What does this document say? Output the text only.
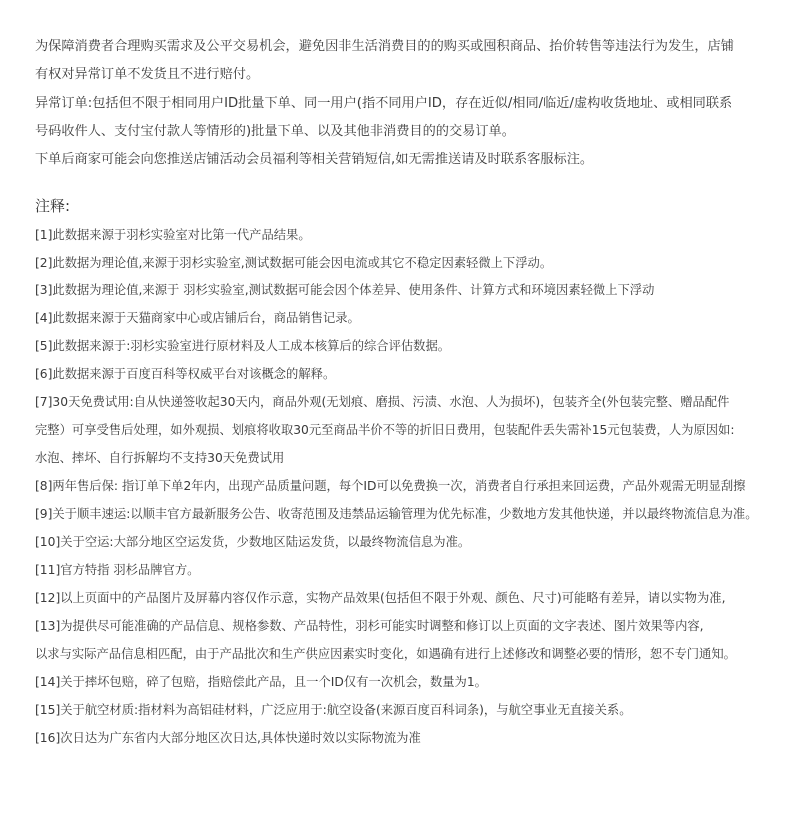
为保障消费者合理购买需求及公平交易机会，避免因非生活消费目的的购买或囤积商品、抬价转售等违法行为发生，店铺
有权对异常订单不发货且不进行赔付。
异常订单:包括但不限于相同用户ID批量下单、同一用户(指不同用户ID，存在近似/相同/临近/虚构收货地址、或相同联系
号码收件人、支付宝付款人等情形的)批量下单、以及其他非消费目的的交易订单。
下单后商家可能会向您推送店铺活动会员福利等相关营销短信,如无需推送请及时联系客服标注。
注释:
[1]此数据来源于羽杉实验室对比第一代产品结果。
[2]此数据为理论值,来源于羽杉实验室,测试数据可能会因电流或其它不稳定因素轻微上下浮动。
[3]此数据为理论值,来源于 羽杉实验室,测试数据可能会因个体差异、使用条件、计算方式和环境因素轻微上下浮动
[4]此数据来源于天猫商家中心或店铺后台，商品销售记录。
[5]此数据来源于:羽杉实验室进行原材料及人工成本核算后的综合评估数据。
[6]此数据来源于百度百科等权威平台对该概念的解释。
[7]30天免费试用:自从快递签收起30天内，商品外观(无划痕、磨损、污渍、水泡、人为损坏)，包装齐全(外包装完整、赠品配件
完整）可享受售后处理，如外观损、划痕将收取30元至商品半价不等的折旧日费用，包装配件丢失需补15元包装费，人为原因如:
水泡、摔坏、自行拆解均不支持30天免费试用
[8]两年售后保: 指订单下单2年内，出现产品质量问题，每个ID可以免费换一次，消费者自行承担来回运费，产品外观需无明显刮擦
[9]关于顺丰速运:以顺丰官方最新服务公告、收寄范围及违禁品运输管理为优先标准，少数地方发其他快递，并以最终物流信息为准。
[10]关于空运:大部分地区空运发货，少数地区陆运发货，以最终物流信息为准。
[11]官方特指 羽杉品牌官方。
[12]以上页面中的产品图片及屏幕内容仅作示意，实物产品效果(包括但不限于外观、颜色、尺寸)可能略有差异，请以实物为准,
[13]为提供尽可能准确的产品信息、规格参数、产品特性，羽杉可能实时调整和修订以上页面的文字表述、图片效果等内容,
以求与实际产品信息相匹配，由于产品批次和生产供应因素实时变化，如遇确有进行上述修改和调整必要的情形，恕不专门通知。
[14]关于摔坏包赔，碎了包赔，指赔偿此产品，且一个ID仅有一次机会，数量为1。
[15]关于航空材质:指材料为高铝硅材料，广泛应用于:航空设备(来源百度百科词条)，与航空事业无直接关系。
[16]次日达为广东省内大部分地区次日达,具体快递时效以实际物流为准
